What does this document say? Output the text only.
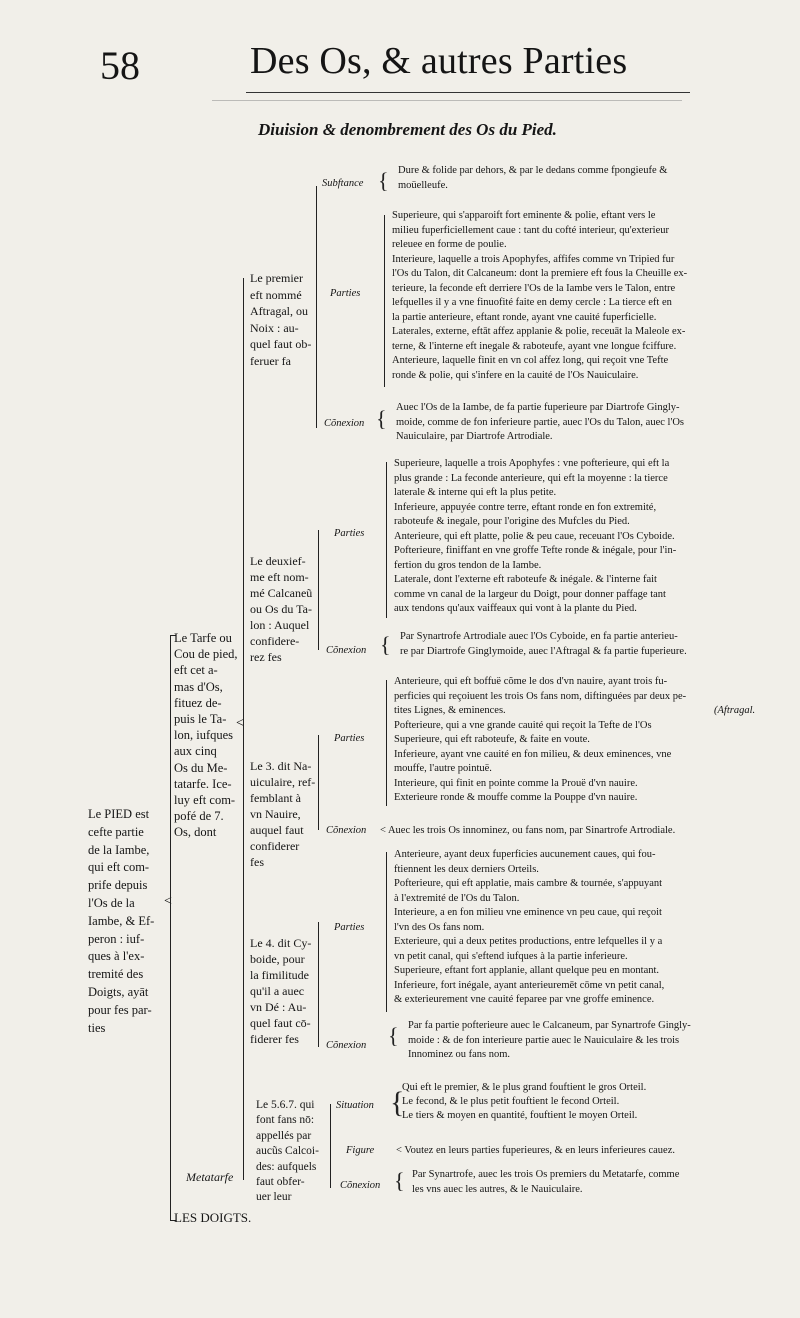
58	Des Os, & autres Parties
Diuision & denombrement des Os du Pied.
Le PIED est
cefte partie
de la Iambe,
qui eft com-
prife depuis
l'Os de la
Iambe, & Ef-
peron : iuf-
ques à l'ex-
tremité des
Doigts, ayāt
pour fes par-
ties
<
Le Tarfe ou
Cou de pied,
eft cet a-
mas d'Os,
fituez de-
puis le Ta-
lon, iufques
aux cinq
Os du Me-
tatarfe. Ice-
luy eft com-
pofé de 7.
Os, dont
<
Metatarfe
LES DOIGTS.
Le premier
eft nommé
Aftragal, ou
Noix : au-
quel faut ob-
feruer fa
Subftance { Dure & folide par dehors, & par le dedans comme fpongieufe &
moüelleufe.
Parties
Superieure, qui s'apparoift fort eminente & polie, eftant vers le
milieu fuperficiellement caue : tant du cofté interieur, qu'exterieur
releuee en forme de poulie.
Interieure, laquelle a trois Apophyfes, affifes comme vn Tripied fur
l'Os du Talon, dit Calcaneum: dont la premiere eft fous la Cheuille ex-
terieure, la feconde eft derriere l'Os de la Iambe vers le Talon, entre
lefquelles il y a vne finuofité faite en demy cercle : La tierce eft en
la partie anterieure, eftant ronde, ayant vne cauité fuperficielle.
Laterales, externe, eftāt affez applanie & polie, receuāt la Maleole ex-
terne, & l'interne eft inegale & raboteufe, ayant vne longue fciffure.
Anterieure, laquelle finit en vn col affez long, qui reçoit vne Tefte
ronde & polie, qui s'infere en la cauité de l'Os Nauiculaire.
Cõnexion { Auec l'Os de la Iambe, de fa partie fuperieure par Diartrofe Gingly-
moide, comme de fon inferieure partie, auec l'Os du Talon, auec l'Os
Nauiculaire, par Diartrofe Artrodiale.
Le deuxief-
me eft nom-
mé Calcaneũ
ou Os du Ta-
lon : Auquel
confidere-
rez fes
Parties
Superieure, laquelle a trois Apophyfes : vne pofterieure, qui eft la
plus grande : La feconde anterieure, qui eft la moyenne : la tierce
laterale & interne qui eft la plus petite.
Inferieure, appuyée contre terre, eftant ronde en fon extremité,
raboteufe & inegale, pour l'origine des Mufcles du Pied.
Anterieure, qui eft platte, polie & peu caue, receuant l'Os Cyboide.
Pofterieure, finiffant en vne groffe Tefte ronde & inégale, pour l'in-
fertion du gros tendon de la Iambe.
Laterale, dont l'externe eft raboteufe & inégale. & l'interne fait
comme vn canal de la largeur du Doigt, pour donner paffage tant
aux tendons qu'aux vaiffeaux qui vont à la plante du Pied.
Cõnexion { Par Synartrofe Artrodiale auec l'Os Cyboide, en fa partie anterieu-
re par Diartrofe Ginglymoide, auec l'Aftragal & fa partie fuperieure.
Le 3. dit Na-
uiculaire, ref-
femblant à
vn Nauire,
auquel faut
confiderer
fes
Parties
Anterieure, qui eft boffuë cõme le dos d'vn nauire, ayant trois fu-
perficies qui reçoiuent les trois Os fans nom, diftinguées par deux pe-
tites Lignes, & eminences.	(Aftragal.
Pofterieure, qui a vne grande cauité qui reçoit la Tefte de l'Os
Superieure, qui eft raboteufe, & faite en voute.
Inferieure, ayant vne cauité en fon milieu, & deux eminences, vne
mouffe, l'autre pointuë.
Interieure, qui finit en pointe comme la Prouë d'vn nauire.
Exterieure ronde & mouffe comme la Pouppe d'vn nauire.
Cõnexion < Auec les trois Os innominez, ou fans nom, par Sinartrofe Artrodiale.
Le 4. dit Cy-
boide, pour
la fimilitude
qu'il a auec
vn Dé : Au-
quel faut cō-
fiderer fes
Parties
Anterieure, ayant deux fuperficies aucunement caues, qui fou-
ftiennent les deux derniers Orteils.
Pofterieure, qui eft applatie, mais cambre & tournée, s'appuyant
à l'extremité de l'Os du Talon.
Interieure, a en fon milieu vne eminence vn peu caue, qui reçoit
l'vn des Os fans nom.
Exterieure, qui a deux petites productions, entre lefquelles il y a
vn petit canal, qui s'eftend iufques à la partie inferieure.
Superieure, eftant fort applanie, allant quelque peu en montant.
Inferieure, fort inégale, ayant anterieuremēt cōme vn petit canal,
& exterieurement vne cauité feparee par vne groffe eminence.
Cõnexion { Par fa partie pofterieure auec le Calcaneum, par Synartrofe Gingly-
moide : & de fon interieure partie auec le Nauiculaire & les trois
Innominez ou fans nom.
Le 5.6.7. qui
font fans nō:
appellés par
aucũs Calcoi-
des: aufquels
faut obfer-
uer leur
Situation {
Qui eft le premier, & le plus grand fouftient le gros Orteil.
Le fecond, & le plus petit fouftient le fecond Orteil.
Le tiers & moyen en quantité, fouftient le moyen Orteil.
Figure < Voutez en leurs parties fuperieures, & en leurs inferieures cauez.
Cõnexion { Par Synartrofe, auec les trois Os premiers du Metatarfe, comme
les vns auec les autres, & le Nauiculaire.
